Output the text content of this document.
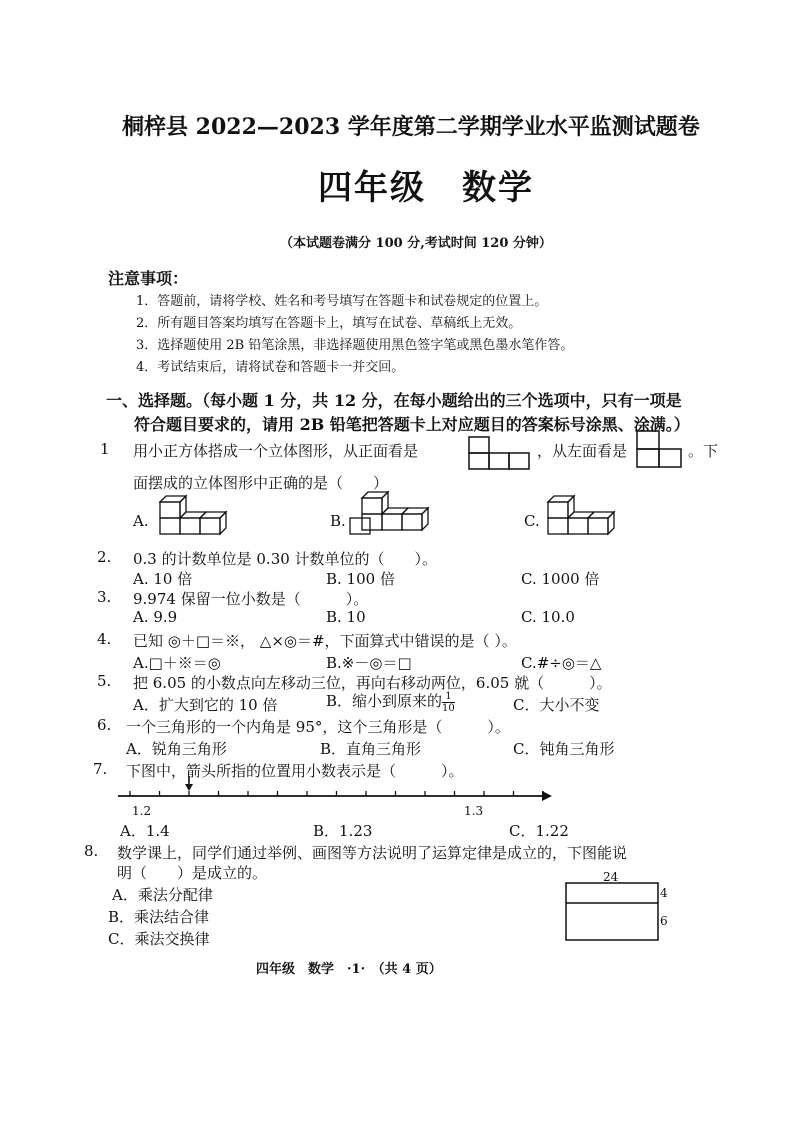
桐梓县 2022—2023 学年度第二学期学业水平监测试题卷
四年级　数学
（本试题卷满分 100 分,考试时间 120 分钟）
注意事项：
1．答题前，请将学校、姓名和考号填写在答题卡和试卷规定的位置上。
2．所有题目答案均填写在答题卡上，填写在试卷、草稿纸上无效。
3．选择题使用 2B 铅笔涂黑，非选择题使用黑色签字笔或黑色墨水笔作答。
4．考试结束后，请将试卷和答题卡一并交回。
一、选择题。（每小题 1 分，共 12 分，在每小题给出的三个选项中，只有一项是
符合题目要求的，请用 2B 铅笔把答题卡上对应题目的答案标号涂黑、涂满。）
1 用小正方体搭成一个立体图形，从正面看是	，从左面看是	。下
面摆成的立体图形中正确的是（　　）
A.	B.	C.
2. 0.3 的计数单位是 0.30 计数单位的（　　）。
A. 10 倍	B. 100 倍	C. 1000 倍
3. 9.974 保留一位小数是（　　　）。
A. 9.9	B. 10	C. 10.0
4. 已知 ◎＋□＝※， △×◎＝#，下面算式中错误的是（ ）。
A.□＋※＝◎	B.※－◎＝□	C.#÷◎＝△
5. 把 6.05 的小数点向左移动三位，再向右移动两位，6.05 就（　　　）。
A．扩大到它的 10 倍	B．缩小到原来的 $\frac{1}{10}$	C．大小不变
6. 一个三角形的一个内角是 95°，这个三角形是（　　　）。
A．锐角三角形	B．直角三角形	C．钝角三角形
7. 下图中，箭头所指的位置用小数表示是（　　　）。
1.2	1.3
A．1.4	B．1.23	C．1.22
8. 数学课上，同学们通过举例、画图等方法说明了运算定律是成立的，下图能说
明（　　）是成立的。
A．乘法分配律
B．乘法结合律
C．乘法交换律
24
4
6
四年级　数学　·1·　（共 4 页）
